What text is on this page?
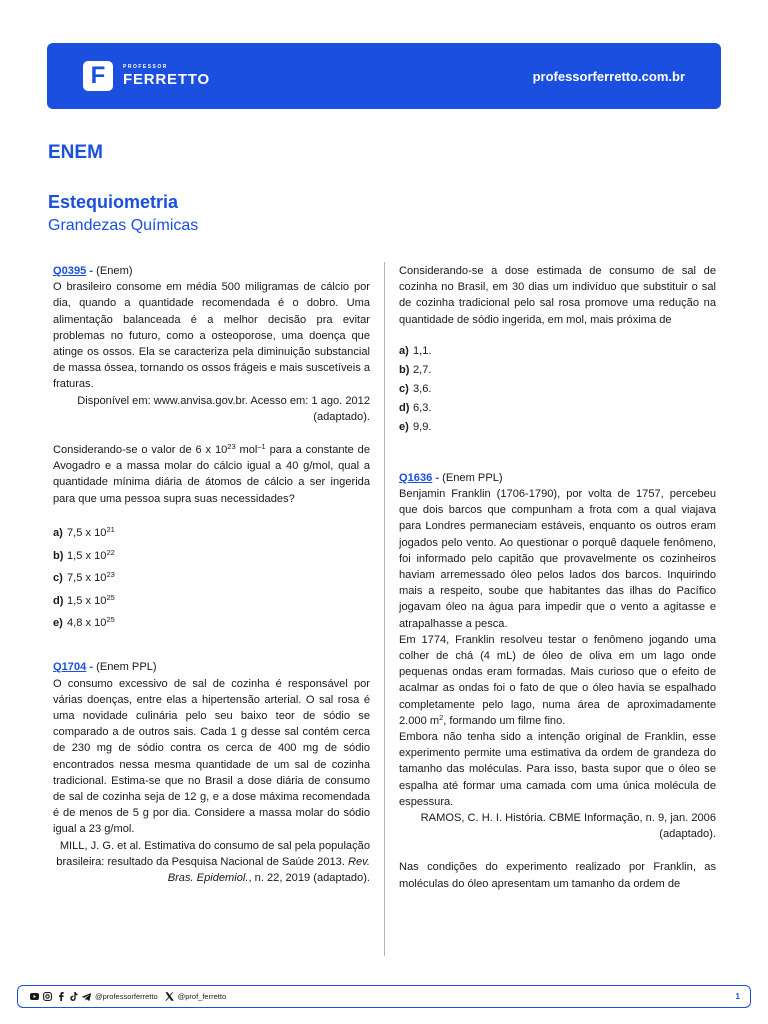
F	PROFESSOR
FERRETTO	professorferretto.com.br
ENEM
Estequiometria
Grandezas Químicas
Q0395 - (Enem)

O brasileiro consome em média 500 miligramas de cálcio por dia, quando a quantidade recomendada é o dobro. Uma alimentação balanceada é a melhor decisão pra evitar problemas no futuro, como a osteoporose, uma doença que atinge os ossos. Ela se caracteriza pela diminuição substancial de massa óssea, tornando os ossos frágeis e mais suscetíveis a fraturas.

Disponível em: www.anvisa.gov.br. Acesso em: 1 ago. 2012 (adaptado).

Considerando-se o valor de 6 x $10^{23}$ mol$^{-1}$ para a constante de Avogadro e a massa molar do cálcio igual a 40 g/mol, qual a quantidade mínima diária de átomos de cálcio a ser ingerida para que uma pessoa supra suas necessidades?

a) 7,5 x $10^{21}$
b) 1,5 x $10^{22}$
c) 7,5 x $10^{23}$
d) 1,5 x $10^{25}$
e) 4,8 x $10^{25}$
Q1704 - (Enem PPL)

O consumo excessivo de sal de cozinha é responsável por várias doenças, entre elas a hipertensão arterial. O sal rosa é uma novidade culinária pelo seu baixo teor de sódio se comparado a de outros sais. Cada 1 g desse sal contém cerca de 230 mg de sódio contra os cerca de 400 mg de sódio encontrados nessa mesma quantidade de um sal de cozinha tradicional. Estima-se que no Brasil a dose diária de consumo de sal de cozinha seja de 12 g, e a dose máxima recomendada é de menos de 5 g por dia. Considere a massa molar do sódio igual a 23 g/mol.

MILL, J. G. et al. Estimativa do consumo de sal pela população brasileira: resultado da Pesquisa Nacional de Saúde 2013. Rev. Bras. Epidemiol., n. 22, 2019 (adaptado).

Considerando-se a dose estimada de consumo de sal de cozinha no Brasil, em 30 dias um indivíduo que substituir o sal de cozinha tradicional pelo sal rosa promove uma redução na quantidade de sódio ingerida, em mol, mais próxima de

a) 1,1.
b) 2,7.
c) 3,6.
d) 6,3.
e) 9,9.
Q1636 - (Enem PPL)

Benjamin Franklin (1706-1790), por volta de 1757, percebeu que dois barcos que compunham a frota com a qual viajava para Londres permaneciam estáveis, enquanto os outros eram jogados pelo vento. Ao questionar o porquê daquele fenômeno, foi informado pelo capitão que provavelmente os cozinheiros haviam arremessado óleo pelos lados dos barcos. Inquirindo mais a respeito, soube que habitantes das ilhas do Pacífico jogavam óleo na água para impedir que o vento a agitasse e atrapalhasse a pesca.

Em 1774, Franklin resolveu testar o fenômeno jogando uma colher de chá (4 mL) de óleo de oliva em um lago onde pequenas ondas eram formadas. Mais curioso que o efeito de acalmar as ondas foi o fato de que o óleo havia se espalhado completamente pelo lago, numa área de aproximadamente 2.000 $m^2$, formando um filme fino.

Embora não tenha sido a intenção original de Franklin, esse experimento permite uma estimativa da ordem de grandeza do tamanho das moléculas. Para isso, basta supor que o óleo se espalha até formar uma camada com uma única molécula de espessura.

RAMOS, C. H. I. História. CBME Informação, n. 9, jan. 2006 (adaptado).

Nas condições do experimento realizado por Franklin, as moléculas do óleo apresentam um tamanho da ordem de

@professorferretto	@prof_ferretto	1
